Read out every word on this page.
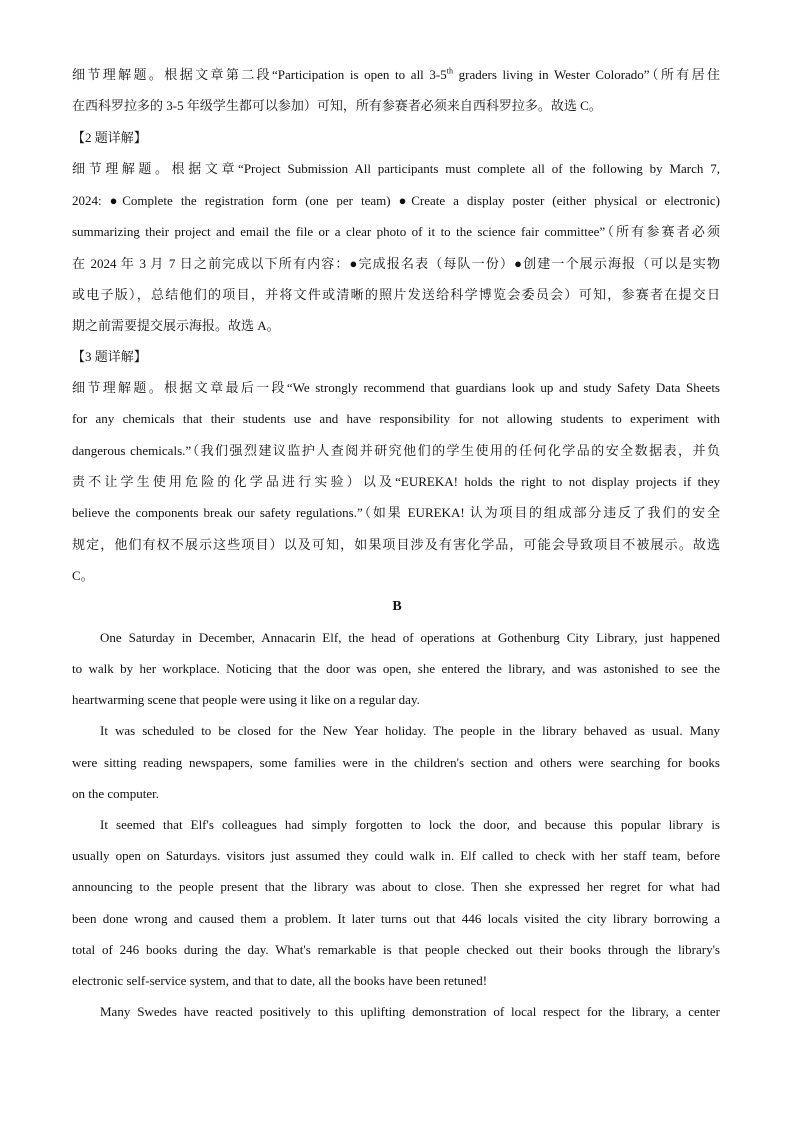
细节理解题。根据文章第二段“Participation is open to all 3-5th graders living in Wester Colorado”（所有居住
在西科罗拉多的 3-5 年级学生都可以参加）可知，所有参赛者必须来自西科罗拉多。故选 C。
【2 题详解】
细节理解题。根据文章“Project Submission All participants must complete all of the following by March 7,
2024: ●Complete the registration form (one per team) ●Create a display poster (either physical or electronic)
summarizing their project and email the file or a clear photo of it to the science fair committee”（所有参赛者必须
在 2024 年 3 月 7 日之前完成以下所有内容：●完成报名表（每队一份）●创建一个展示海报（可以是实物
或电子版），总结他们的项目，并将文件或清晰的照片发送给科学博览会委员会）可知，参赛者在提交日
期之前需要提交展示海报。故选 A。
【3 题详解】
细节理解题。根据文章最后一段“We strongly recommend that guardians look up and study Safety Data Sheets
for any chemicals that their students use and have responsibility for not allowing students to experiment with
dangerous chemicals.”（我们强烈建议监护人查阅并研究他们的学生使用的任何化学品的安全数据表，并负
责不让学生使用危险的化学品进行实验）以及“EUREKA! holds the right to not display projects if they
believe the components break our safety regulations.”（如果 EUREKA! 认为项目的组成部分违反了我们的安全
规定，他们有权不展示这些项目）以及可知，如果项目涉及有害化学品，可能会导致项目不被展示。故选
C。
B
One Saturday in December, Annacarin Elf, the head of operations at Gothenburg City Library, just happened
to walk by her workplace. Noticing that the door was open, she entered the library, and was astonished to see the
heartwarming scene that people were using it like on a regular day.
It was scheduled to be closed for the New Year holiday. The people in the library behaved as usual. Many
were sitting reading newspapers, some families were in the children's section and others were searching for books
on the computer.
It seemed that Elf's colleagues had simply forgotten to lock the door, and because this popular library is
usually open on Saturdays. visitors just assumed they could walk in. Elf called to check with her staff team, before
announcing to the people present that the library was about to close. Then she expressed her regret for what had
been done wrong and caused them a problem. It later turns out that 446 locals visited the city library borrowing a
total of 246 books during the day. What's remarkable is that people checked out their books through the library's
electronic self-service system, and that to date, all the books have been retuned!
Many Swedes have reacted positively to this uplifting demonstration of local respect for the library, a center
